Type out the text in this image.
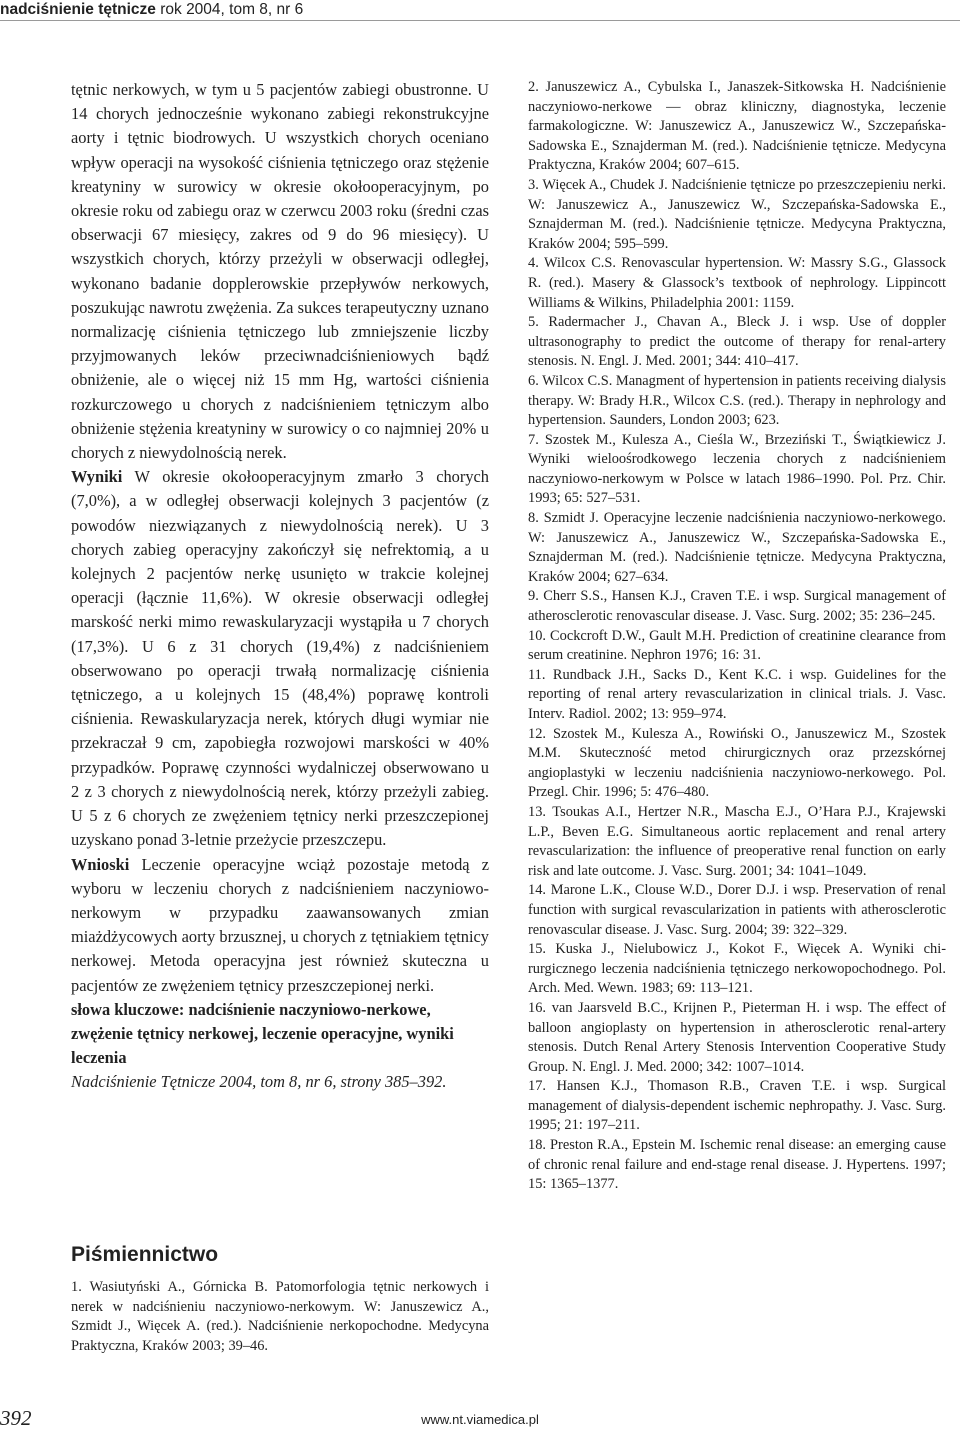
nadciśnienie tętnicze rok 2004, tom 8, nr 6

tętnic nerkowych, w tym u 5 pacjentów zabiegi obustronne. U 14 chorych jednocześnie wykonano zabiegi rekonstrukcyjne aorty i tętnic biodrowych. U wszystkich chorych oceniano wpływ operacji na wysokość ciśnienia tętniczego oraz stężenie kreatyniny w surowicy w okresie okołooperacyjnym, po okresie roku od zabiegu oraz w czerwcu 2003 roku (średni czas obserwacji 67 miesięcy, zakres od 9 do 96 miesięcy). U wszystkich chorych, którzy przeżyli w obserwacji odległej, wykonano badanie dopplerowskie przepływów nerkowych, poszukując nawrotu zwężenia. Za sukces terapeutyczny uznano normalizację ciśnienia tętniczego lub zmniejszenie liczby przyjmowanych leków przeciwnadciśnieniowych bądź obniżenie, ale o więcej niż 15 mm Hg, wartości ciśnienia rozkurczowego u chorych z nadciśnieniem tętniczym albo obniżenie stężenia kreatyniny w surowicy o co najmniej 20% u chorych z niewydolnością nerek.

Wyniki W okresie okołooperacyjnym zmarło 3 chorych (7,0%), a w odległej obserwacji kolejnych 3 pacjentów (z powodów niezwiązanych z niewydolnością nerek). U 3 chorych zabieg operacyjny zakończył się nefrektomią, a u kolejnych 2 pacjentów nerkę usunięto w trakcie kolejnej operacji (łącznie 11,6%). W okresie obserwacji odległej marskość nerki mimo rewaskularyzacji wystąpiła u 7 chorych (17,3%). U 6 z 31 chorych (19,4%) z nadciśnieniem obserwowano po operacji trwałą normalizację ciśnienia tętniczego, a u kolejnych 15 (48,4%) poprawę kontroli ciśnienia. Rewaskularyzacja nerek, których długi wymiar nie przekraczał 9 cm, zapobiegła rozwojowi marskości w 40% przypadków. Poprawę czynności wydalniczej obserwowano u 2 z 3 chorych z niewydolnością nerek, którzy przeżyli zabieg. U 5 z 6 chorych ze zwężeniem tętnicy nerki przeszczepionej uzyskano ponad 3-letnie przeżycie przeszczepu.

Wnioski Leczenie operacyjne wciąż pozostaje metodą z wyboru w leczeniu chorych z nadciśnieniem naczyniowo-nerkowym w przypadku zaawansowanych zmian miażdżycowych aorty brzusznej, u chorych z tętniakiem tętnicy nerkowej. Metoda operacyjna jest również skuteczna u pacjentów ze zwężeniem tętnicy przeszczepionej nerki.

słowa kluczowe: nadciśnienie naczyniowo-nerkowe, zwężenie tętnicy nerkowej, leczenie operacyjne, wyniki leczenia

Nadciśnienie Tętnicze 2004, tom 8, nr 6, strony 385–392.

Piśmiennictwo

1. Wasiutyński A., Górnicka B. Patomorfologia tętnic nerkowych i nerek w nadciśnieniu naczyniowo-nerkowym. W: Januszewicz A., Szmidt J., Więcek A. (red.). Nadciśnienie nerkopochodne. Medycyna Praktyczna, Kraków 2003; 39–46.

2. Januszewicz A., Cybulska I., Janaszek-Sitkowska H. Nadciśnienie naczyniowo-nerkowe — obraz kliniczny, diagnostyka, leczenie farmakologiczne. W: Januszewicz A., Januszewicz W., Szczepańska-Sadowska E., Sznajderman M. (red.). Nadciśnienie tętnicze. Medycyna Praktyczna, Kraków 2004; 607–615.

3. Więcek A., Chudek J. Nadciśnienie tętnicze po przeszczepieniu nerki. W: Januszewicz A., Januszewicz W., Szczepańska-Sadowska E., Sznajderman M. (red.). Nadciśnienie tętnicze. Medycyna Praktyczna, Kraków 2004; 595–599.

4. Wilcox C.S. Renovascular hypertension. W: Massry S.G., Glassock R. (red.). Masery & Glassock’s textbook of nephrology. Lippincott Williams & Wilkins, Philadelphia 2001: 1159.

5. Radermacher J., Chavan A., Bleck J. i wsp. Use of doppler ultrasonography to predict the outcome of therapy for renal-artery stenosis. N. Engl. J. Med. 2001; 344: 410–417.

6. Wilcox C.S. Managment of hypertension in patients receiving dialysis therapy. W: Brady H.R., Wilcox C.S. (red.). Therapy in nephrology and hypertension. Saunders, London 2003; 623.

7. Szostek M., Kulesza A., Cieśla W., Brzeziński T., Świątkiewicz J. Wyniki wieloośrodkowego leczenia chorych z nadciśnieniem naczyniowo-nerkowym w Polsce w latach 1986–1990. Pol. Prz. Chir. 1993; 65: 527–531.

8. Szmidt J. Operacyjne leczenie nadciśnienia naczyniowo-nerkowego. W: Januszewicz A., Januszewicz W., Szczepańska-Sadowska E., Sznajderman M. (red.). Nadciśnienie tętnicze. Medycyna Praktyczna, Kraków 2004; 627–634.

9. Cherr S.S., Hansen K.J., Craven T.E. i wsp. Surgical management of atherosclerotic renovascular disease. J. Vasc. Surg. 2002; 35: 236–245.

10. Cockcroft D.W., Gault M.H. Prediction of creatinine clearance from serum creatinine. Nephron 1976; 16: 31.

11. Rundback J.H., Sacks D., Kent K.C. i wsp. Guidelines for the reporting of renal artery revascularization in clinical trials. J. Vasc. Interv. Radiol. 2002; 13: 959–974.

12. Szostek M., Kulesza A., Rowiński O., Januszewicz M., Szostek M.M. Skuteczność metod chirurgicznych oraz przezskórnej angioplastyki w leczeniu nadciśnienia naczyniowo-nerkowego. Pol. Przegl. Chir. 1996; 5: 476–480.

13. Tsoukas A.I., Hertzer N.R., Mascha E.J., O’Hara P.J., Krajewski L.P., Beven E.G. Simultaneous aortic replacement and renal artery revascularization: the influence of preoperative renal function on early risk and late outcome. J. Vasc. Surg. 2001; 34: 1041–1049.

14. Marone L.K., Clouse W.D., Dorer D.J. i wsp. Preservation of renal function with surgical revascularization in patients with atherosclerotic renovascular disease. J. Vasc. Surg. 2004; 39: 322–329.

15. Kuska J., Nielubowicz J., Kokot F., Więcek A. Wyniki chirurgicznego leczenia nadciśnienia tętniczego nerkowopochodnego. Pol. Arch. Med. Wewn. 1983; 69: 113–121.

16. van Jaarsveld B.C., Krijnen P., Pieterman H. i wsp. The effect of balloon angioplasty on hypertension in atherosclerotic renal-artery stenosis. Dutch Renal Artery Stenosis Intervention Cooperative Study Group. N. Engl. J. Med. 2000; 342: 1007–1014.

17. Hansen K.J., Thomason R.B., Craven T.E. i wsp. Surgical management of dialysis-dependent ischemic nephropathy. J. Vasc. Surg. 1995; 21: 197–211.

18. Preston R.A., Epstein M. Ischemic renal disease: an emerging cause of chronic renal failure and end-stage renal disease. J. Hypertens. 1997; 15: 1365–1377.

392	www.nt.viamedica.pl
